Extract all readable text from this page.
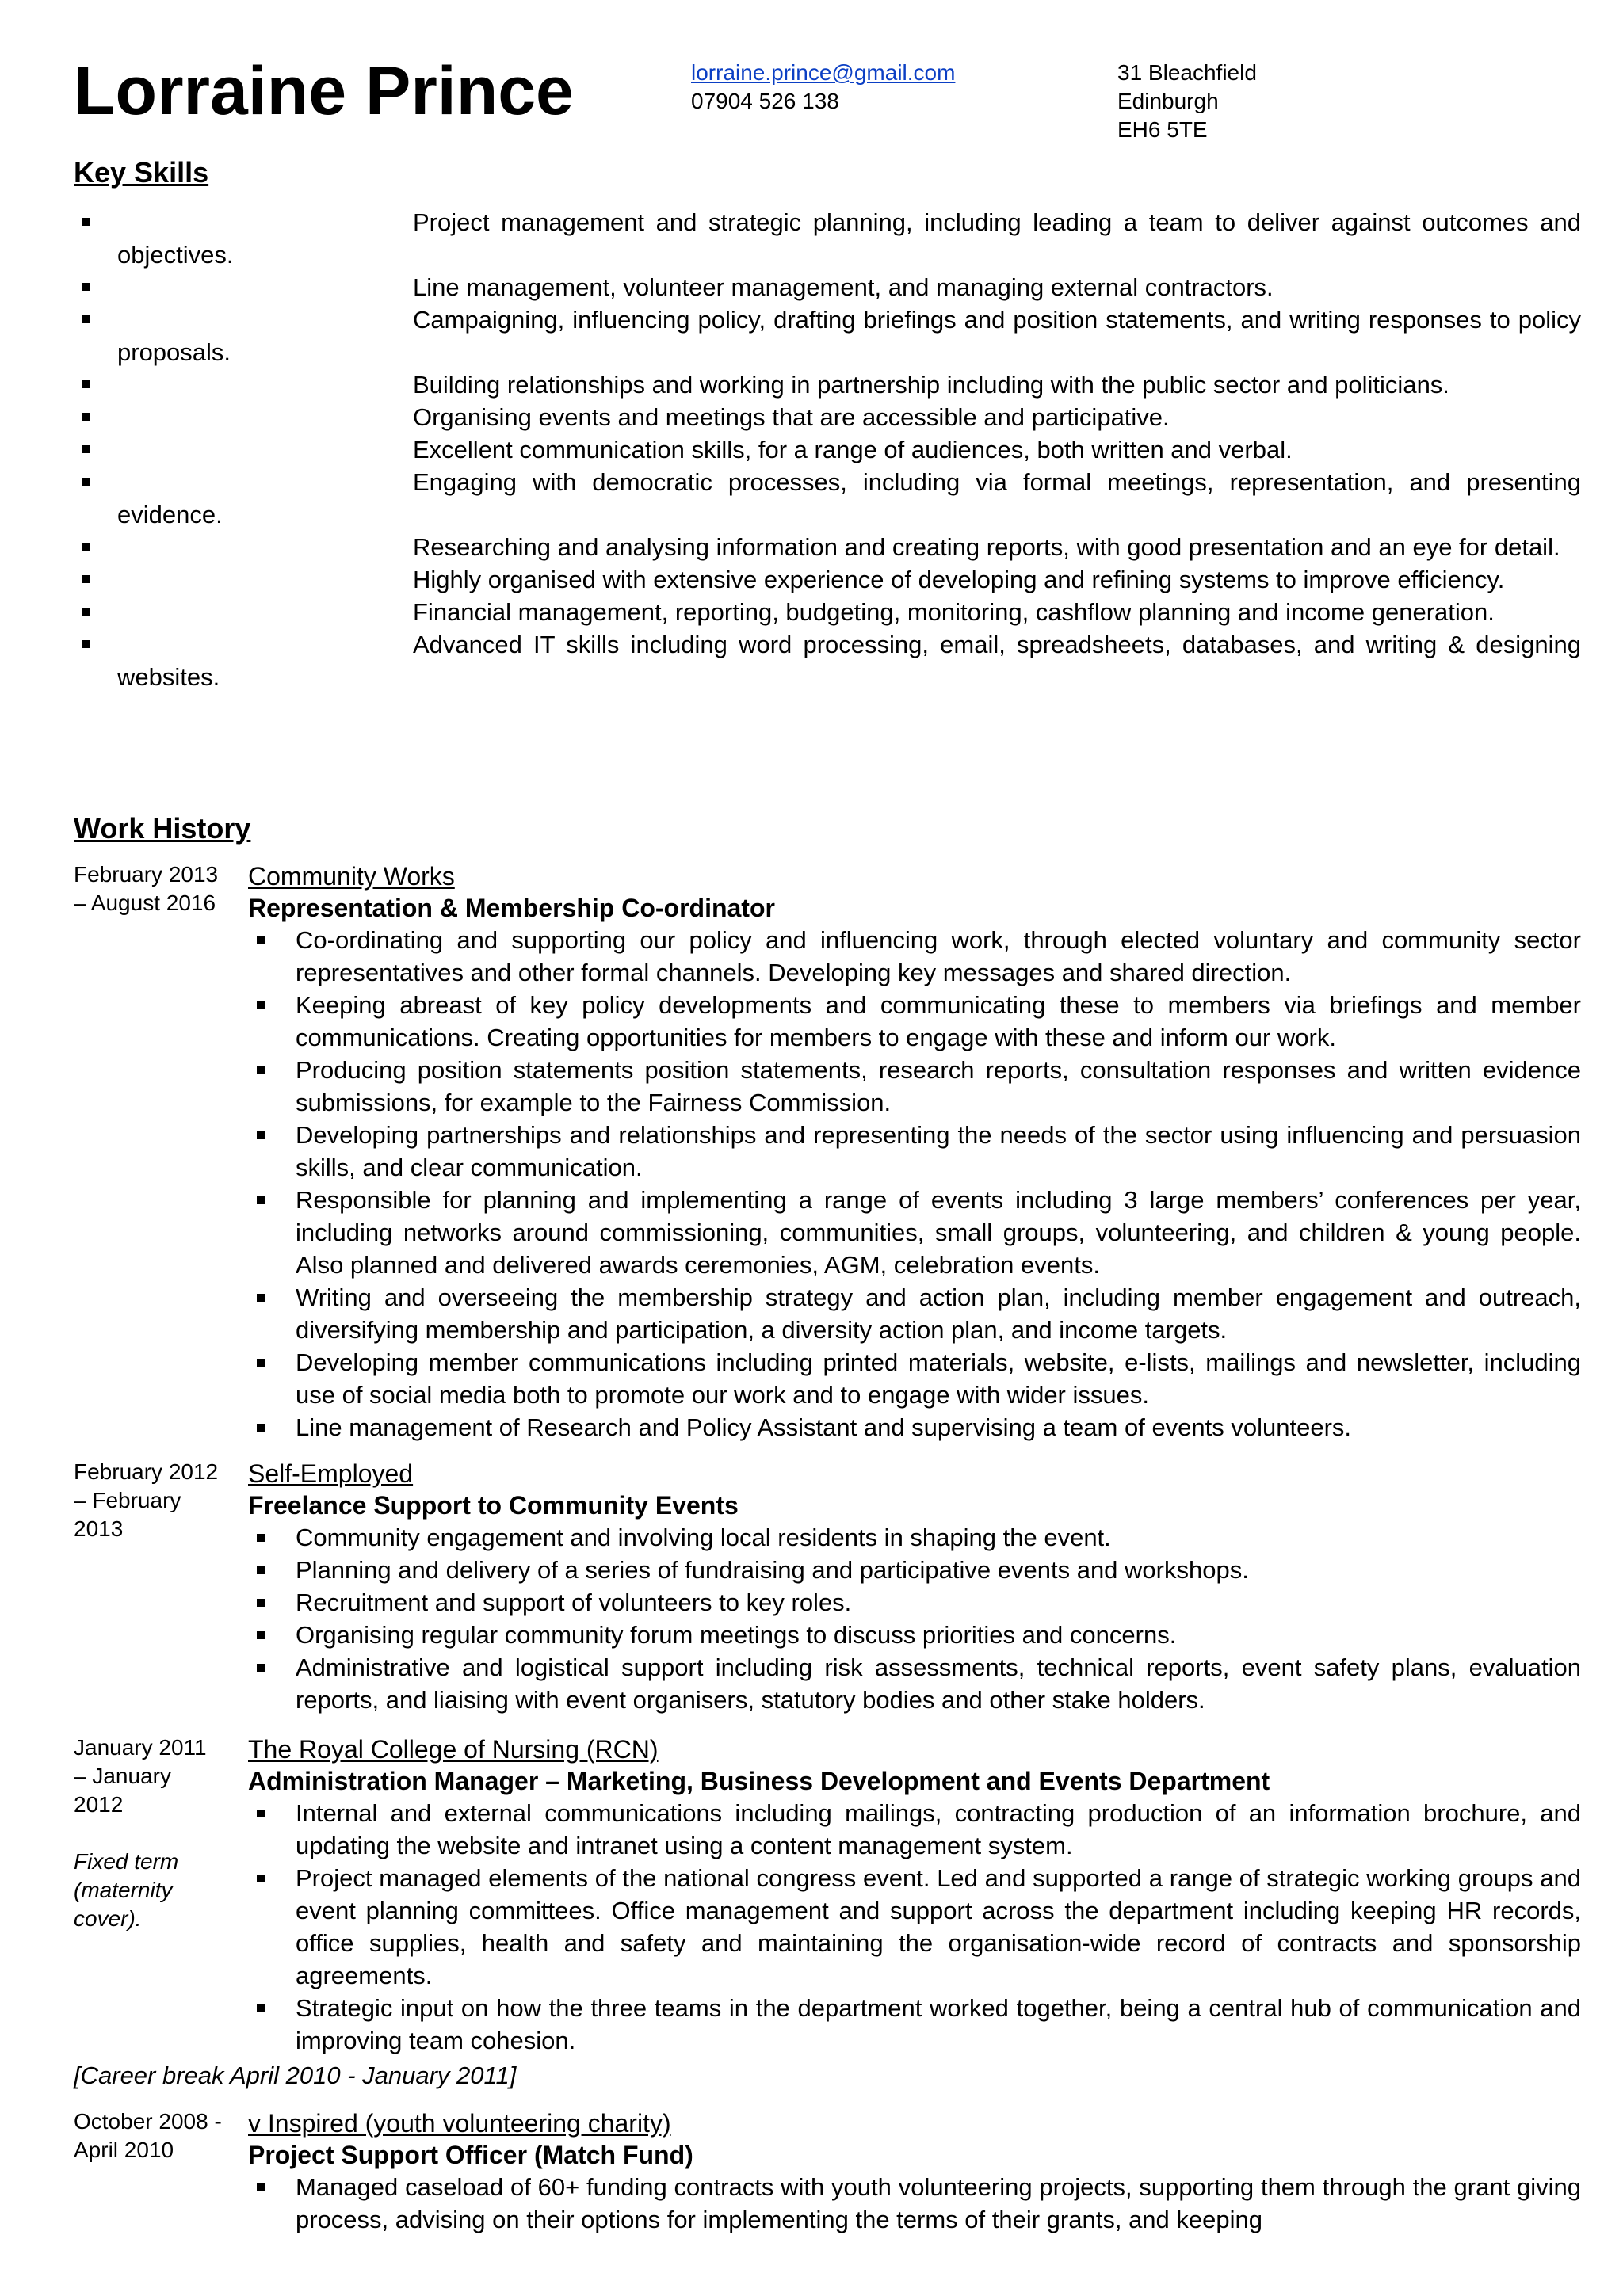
Lorraine Prince	lorraine.prince@gmail.com
07904 526 138
31 Bleachfield
Edinburgh
EH6 5TE
Key Skills
Project management and strategic planning, including leading a team to deliver against outcomes and objectives.
Line management, volunteer management, and managing external contractors.
Campaigning, influencing policy, drafting briefings and position statements, and writing responses to policy proposals.
Building relationships and working in partnership including with the public sector and politicians.
Organising events and meetings that are accessible and participative.
Excellent communication skills, for a range of audiences, both written and verbal.
Engaging with democratic processes, including via formal meetings, representation, and presenting evidence.
Researching and analysing information and creating reports, with good presentation and an eye for detail.
Highly organised with extensive experience of developing and refining systems to improve efficiency.
Financial management, reporting, budgeting, monitoring, cashflow planning and income generation.
Advanced IT skills including word processing, email, spreadsheets, databases, and writing & designing websites.
Work History
February 2013 – August 2016
Community Works
Representation & Membership Co-ordinator
Co-ordinating and supporting our policy and influencing work, through elected voluntary and community sector representatives and other formal channels. Developing key messages and shared direction.
Keeping abreast of key policy developments and communicating these to members via briefings and member communications. Creating opportunities for members to engage with these and inform our work.
Producing position statements position statements, research reports, consultation responses and written evidence submissions, for example to the Fairness Commission.
Developing partnerships and relationships and representing the needs of the sector using influencing and persuasion skills, and clear communication.
Responsible for planning and implementing a range of events including 3 large members’ conferences per year, including networks around commissioning, communities, small groups, volunteering, and children & young people. Also planned and delivered awards ceremonies, AGM, celebration events.
Writing and overseeing the membership strategy and action plan, including member engagement and outreach, diversifying membership and participation, a diversity action plan, and income targets.
Developing member communications including printed materials, website, e-lists, mailings and newsletter, including use of social media both to promote our work and to engage with wider issues.
Line management of Research and Policy Assistant and supervising a team of events volunteers.
February 2012 – February 2013
Self-Employed
Freelance Support to Community Events
Community engagement and involving local residents in shaping the event.
Planning and delivery of a series of fundraising and participative events and workshops.
Recruitment and support of volunteers to key roles.
Organising regular community forum meetings to discuss priorities and concerns.
Administrative and logistical support including risk assessments, technical reports, event safety plans, evaluation reports, and liaising with event organisers, statutory bodies and other stake holders.
January 2011 – January 2012
Fixed term (maternity cover).
The Royal College of Nursing (RCN)
Administration Manager – Marketing, Business Development and Events Department
Internal and external communications including mailings, contracting production of an information brochure, and updating the website and intranet using a content management system.
Project managed elements of the national congress event. Led and supported a range of strategic working groups and event planning committees. Office management and support across the department including keeping HR records, office supplies, health and safety and maintaining the organisation-wide record of contracts and sponsorship agreements.
Strategic input on how the three teams in the department worked together, being a central hub of communication and improving team cohesion.
[Career break April 2010 - January 2011]
October 2008 - April 2010
v Inspired (youth volunteering charity)
Project Support Officer (Match Fund)
Managed caseload of 60+ funding contracts with youth volunteering projects, supporting them through the grant giving process, advising on their options for implementing the terms of their grants, and keeping
